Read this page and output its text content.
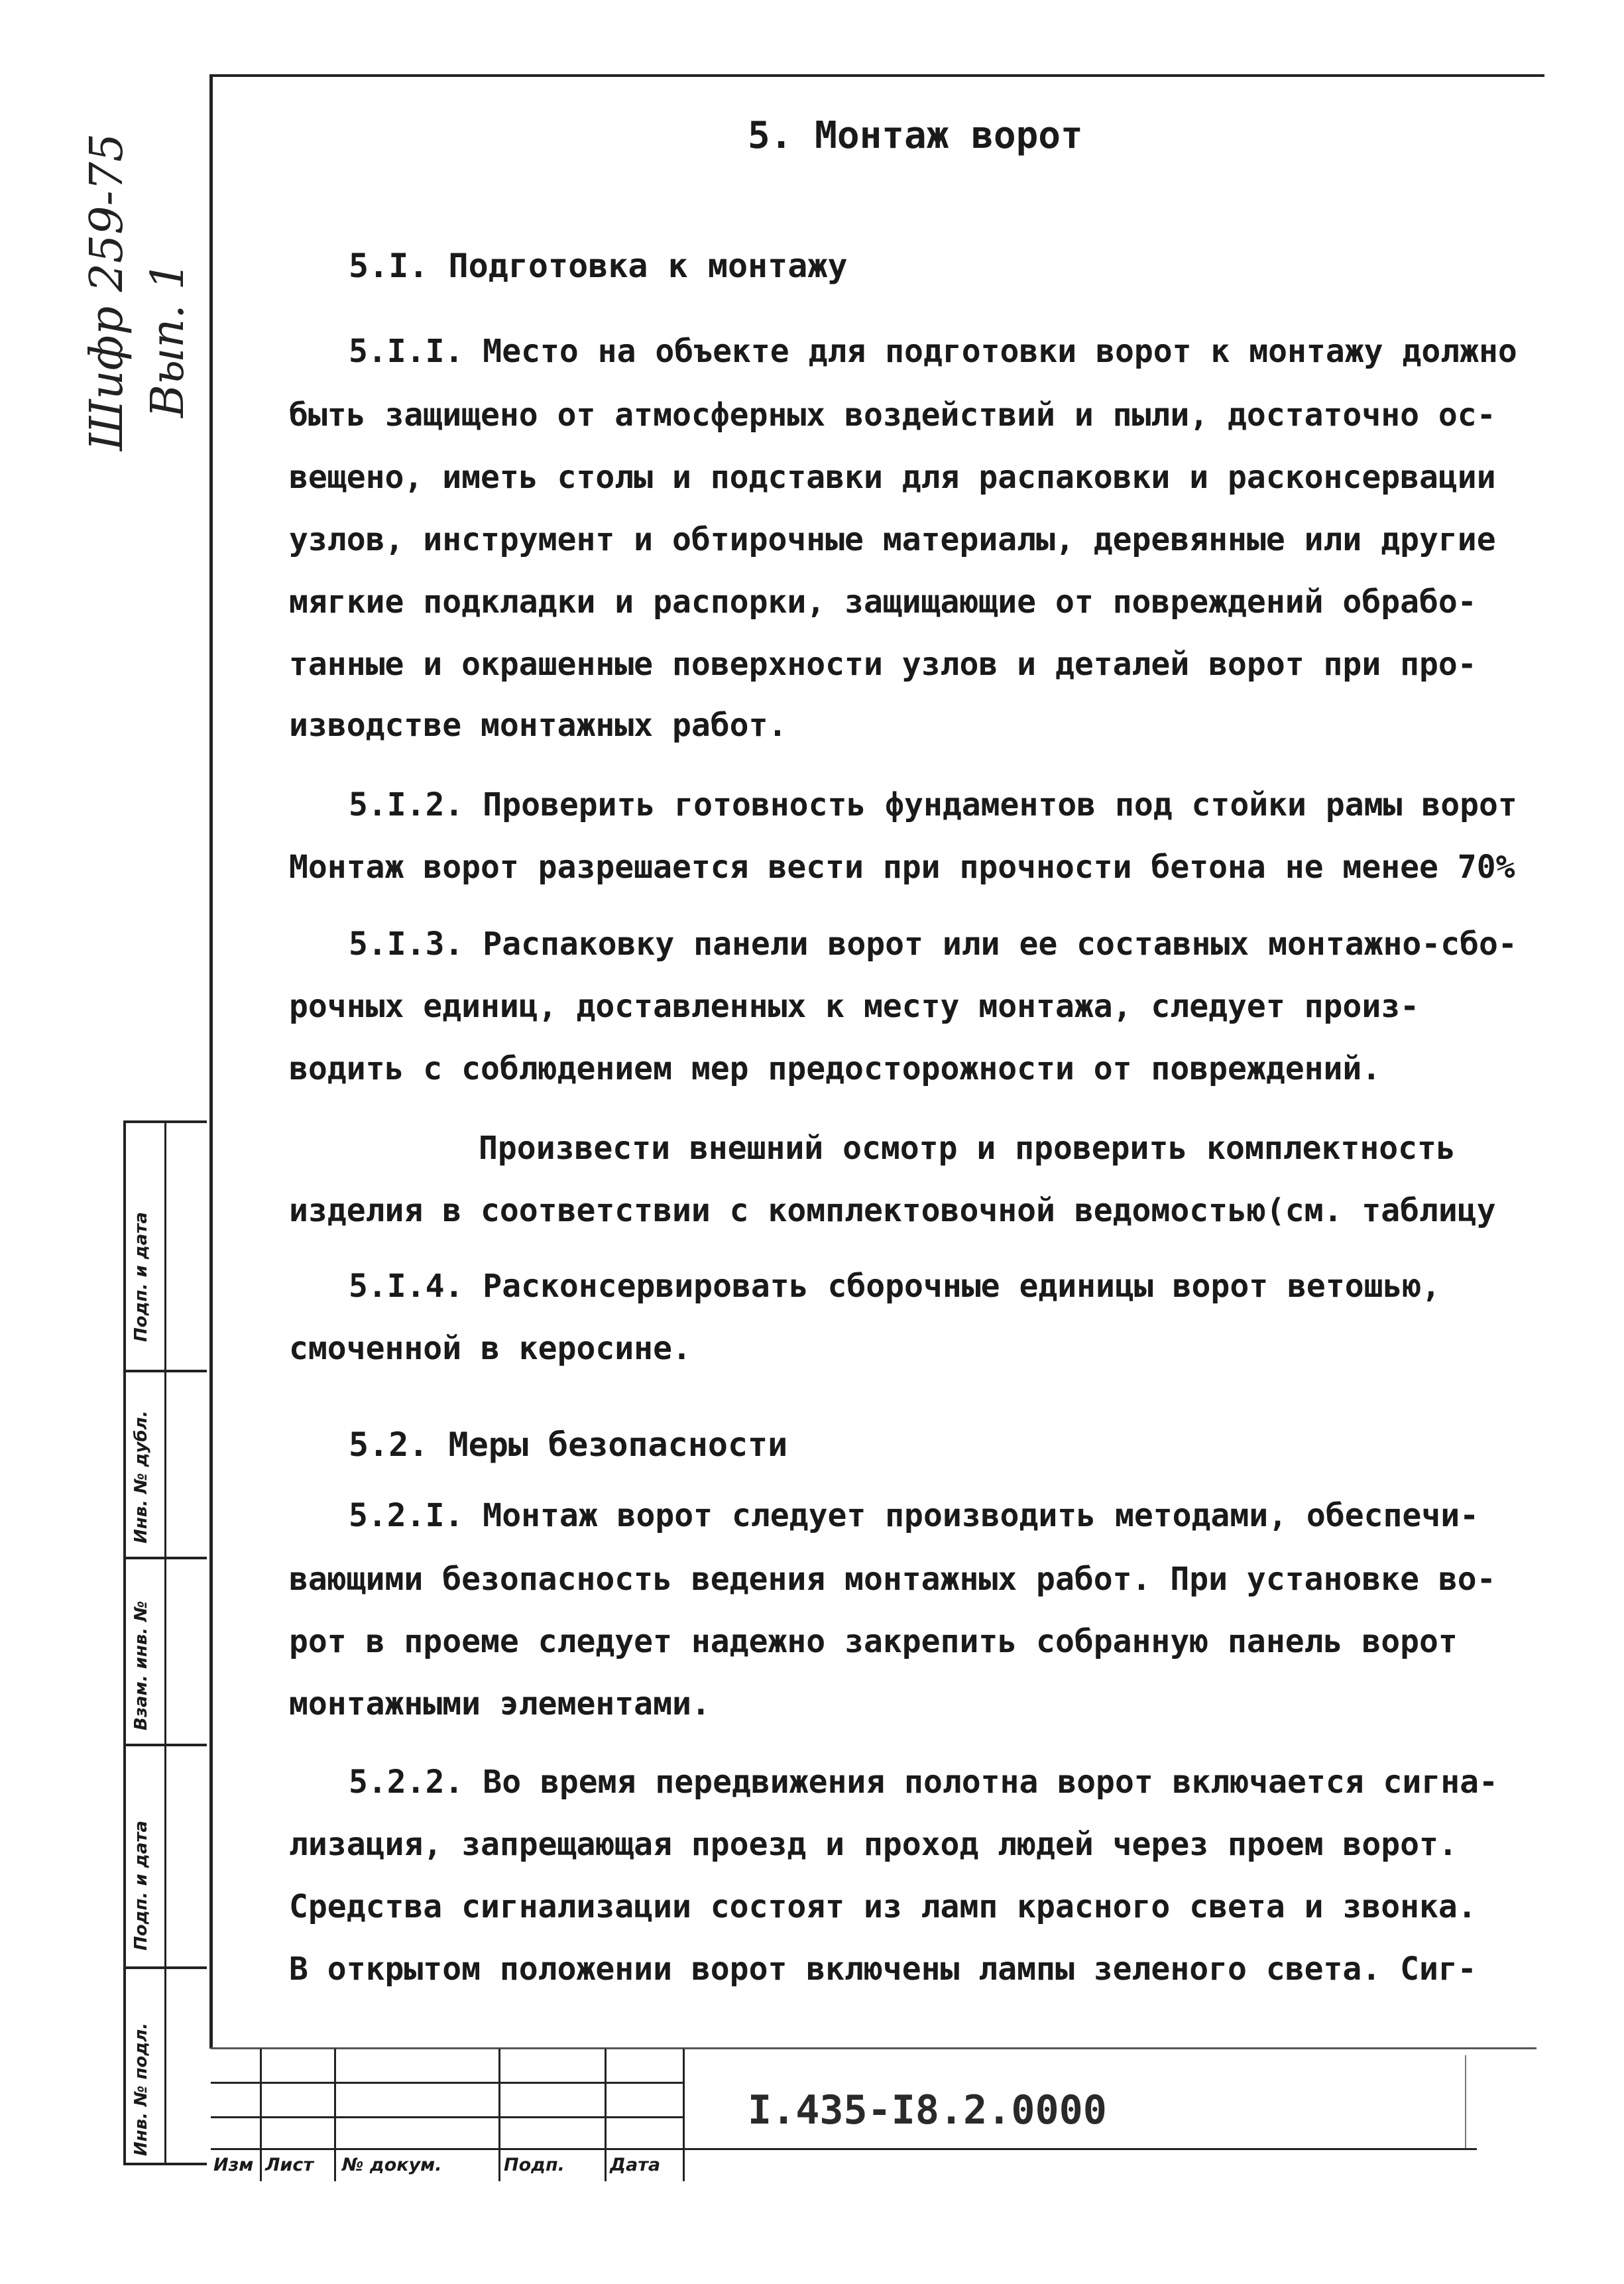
Шифр 259-75 Вып. 1
5. Монтаж ворот
5.I. Подготовка к монтажу
5.I.I. Место на объекте для подготовки ворот к монтажу должно
быть защищено от атмосферных воздействий и пыли, достаточно ос-
вещено, иметь столы и подставки для распаковки и расконсервации
узлов, инструмент и обтирочные материалы, деревянные или другие
мягкие подкладки и распорки, защищающие от повреждений обрабо-
танные и окрашенные поверхности узлов и деталей ворот при про-
изводстве монтажных работ.
5.I.2. Проверить готовность фундаментов под стойки рамы ворот
Монтаж ворот разрешается вести при прочности бетона не менее 70%
5.I.3. Распаковку панели ворот или ее составных монтажно-сбо-
рочных единиц, доставленных к месту монтажа, следует произ-
водить с соблюдением мер предосторожности от повреждений.
Произвести внешний осмотр и проверить комплектность
изделия в соответствии с комплектовочной ведомостью(см. таблицу
5.I.4. Расконсервировать сборочные единицы ворот ветошью,
смоченной в керосине.
5.2. Меры безопасности
5.2.I. Монтаж ворот следует производить методами, обеспечи-
вающими безопасность ведения монтажных работ. При установке во-
рот в проеме следует надежно закрепить собранную панель ворот
монтажными элементами.
5.2.2. Во время передвижения полотна ворот включается сигна-
лизация, запрещающая проезд и проход людей через проем ворот.
Средства сигнализации состоят из ламп красного света и звонка.
В открытом положении ворот включены лампы зеленого света. Сиг-
Изм Лист № докум.	Подп.	Дата
I.435-I8.2.0000
Подп. и дата
Инв. № дубл.
Взам. инв. №
Подп. и дата
Инв. № подл.
